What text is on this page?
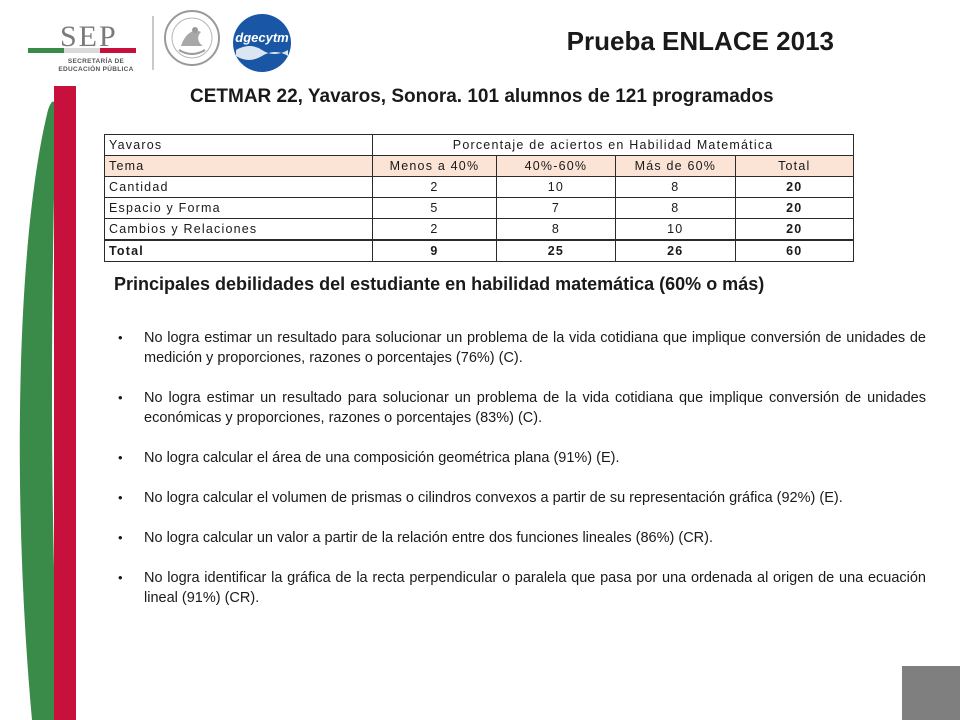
SEP
SECRETARÍA DE EDUCACIÓN PÚBLICA
dgecytm	Prueba ENLACE 2013
CETMAR 22, Yavaros, Sonora. 101 alumnos de 121 programados
Yavaros	Porcentaje de aciertos en Habilidad Matemática			
Tema	Menos a 40%	40%-60%	Más de 60%	Total
Cantidad	2	10	8	20
Espacio y Forma	5	7	8	20
Cambios y Relaciones	2	8	10	20
Total	9	25	26	60
Principales debilidades del estudiante en habilidad matemática (60% o más)
• No logra estimar un resultado para solucionar un problema de la vida cotidiana que implique conversión de unidades de medición y proporciones, razones o porcentajes (76%) (C).
• No logra estimar un resultado para solucionar un problema de la vida cotidiana que implique conversión de unidades económicas y proporciones, razones o porcentajes (83%) (C).
• No logra calcular el área de una composición geométrica plana (91%) (E).
• No logra calcular el volumen de prismas o cilindros convexos a partir de su representación gráfica (92%) (E).
• No logra calcular un valor a partir de la relación entre dos funciones lineales (86%) (CR).
• No logra identificar la gráfica de la recta perpendicular o paralela que pasa por una ordenada al origen de una ecuación lineal (91%) (CR).
